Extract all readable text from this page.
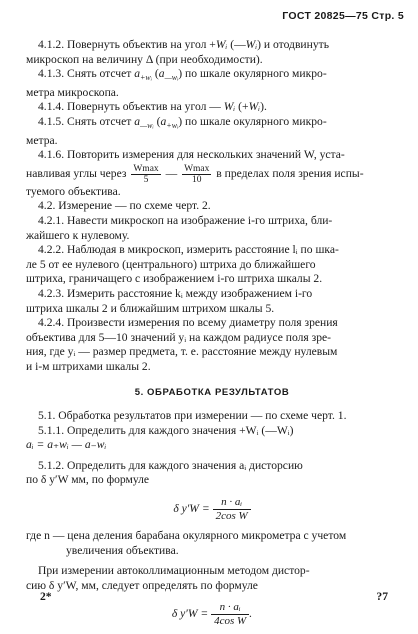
ГОСТ 20825—75 Стр. 5
4.1.2. Повернуть объектив на угол +Wᵢ (—Wᵢ) и отодвинуть
микроскоп на величину Δ (при необходимости).
4.1.3. Снять отсчет $a_{+wᵢ}$ $(a_{—wᵢ})$ по шкале окулярного микро-
метра микроскопа.
4.1.4. Повернуть объектив на угол — Wᵢ (+Wᵢ).
4.1.5. Снять отсчет $a_{—wᵢ}$ $(a_{+wᵢ})$ по шкале окулярного микро-
метра.
4.1.6. Повторить измерения для нескольких значений W, уста-
навливая углы через $\frac{Wmax}{5}$ — $\frac{Wmax}{10}$ в пределах поля зрения испы-
туемого объектива.
4.2. Измерение — по схеме черт. 2.
4.2.1. Навести микроскоп на изображение i-го штриха, бли-
жайшего к нулевому.
4.2.2. Наблюдая в микроскоп, измерить расстояние lᵢ по шка-
ле 5 от ее нулевого (центрального) штриха до ближайшего
штриха, граничащего с изображением i-го штриха шкалы 2.
4.2.3. Измерить расстояние kᵢ между изображением i-го
штриха шкалы 2 и ближайшим штрихом шкалы 5.
4.2.4. Произвести измерения по всему диаметру поля зрения
объектива для 5—10 значений yᵢ на каждом радиусе поля зре-
ния, где yᵢ — размер предмета, т. е. расстояние между нулевым
и i-м штрихами шкалы 2.
5. ОБРАБОТКА РЕЗУЛЬТАТОВ
5.1. Обработка результатов при измерении — по схеме черт. 1.
5.1.1. Определить для каждого значения +Wᵢ (—Wᵢ)
aᵢ = a₊wᵢ — a₋wᵢ
5.1.2. Определить для каждого значения aᵢ дисторсию
по δ y′W мм, по формуле
δ $y'W = \frac{\text{n · aᵢ}}{\text{2cos W}}$
где n — цена деления барабана окулярного микрометра с учетом
увеличения объектива.
При измерении автоколлимационным методом дистор-
сию δ y′W, мм, следует определять по формуле
δ $y'W = \frac{\text{n · aᵢ}}{\text{4cos W}}$ .
2*	?7
